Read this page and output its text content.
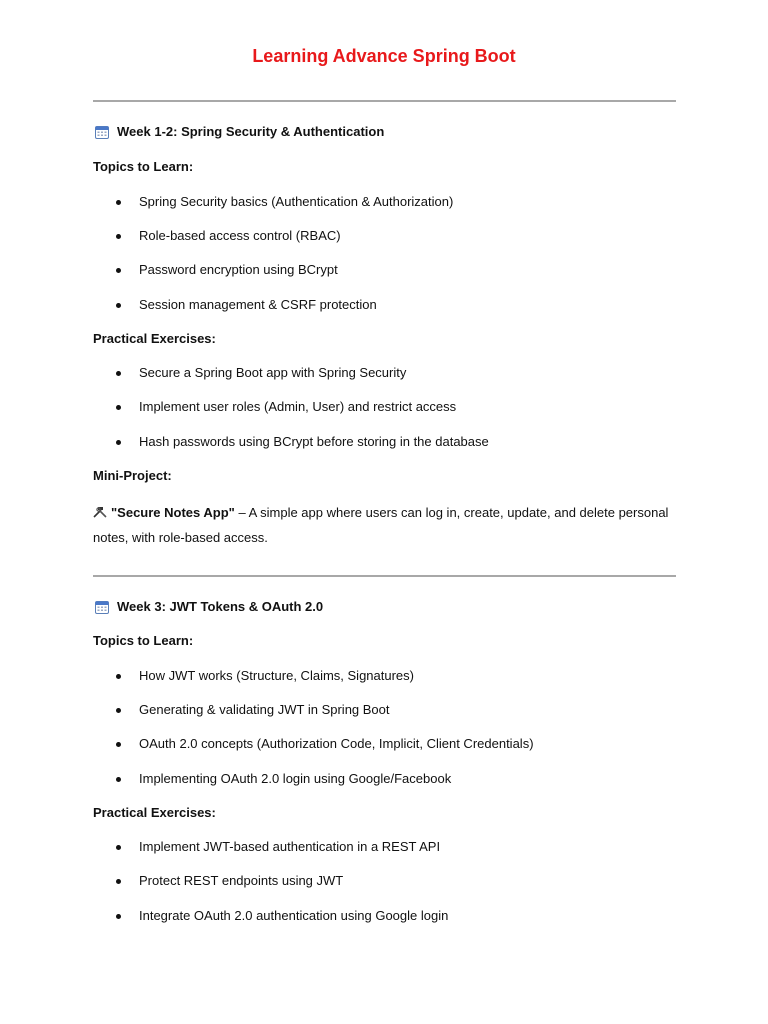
Learning Advance Spring Boot
Week 1-2: Spring Security & Authentication
Topics to Learn:
Spring Security basics (Authentication & Authorization)
Role-based access control (RBAC)
Password encryption using BCrypt
Session management & CSRF protection
Practical Exercises:
Secure a Spring Boot app with Spring Security
Implement user roles (Admin, User) and restrict access
Hash passwords using BCrypt before storing in the database
Mini-Project:
"Secure Notes App" – A simple app where users can log in, create, update, and delete personal notes, with role-based access.
Week 3: JWT Tokens & OAuth 2.0
Topics to Learn:
How JWT works (Structure, Claims, Signatures)
Generating & validating JWT in Spring Boot
OAuth 2.0 concepts (Authorization Code, Implicit, Client Credentials)
Implementing OAuth 2.0 login using Google/Facebook
Practical Exercises:
Implement JWT-based authentication in a REST API
Protect REST endpoints using JWT
Integrate OAuth 2.0 authentication using Google login
